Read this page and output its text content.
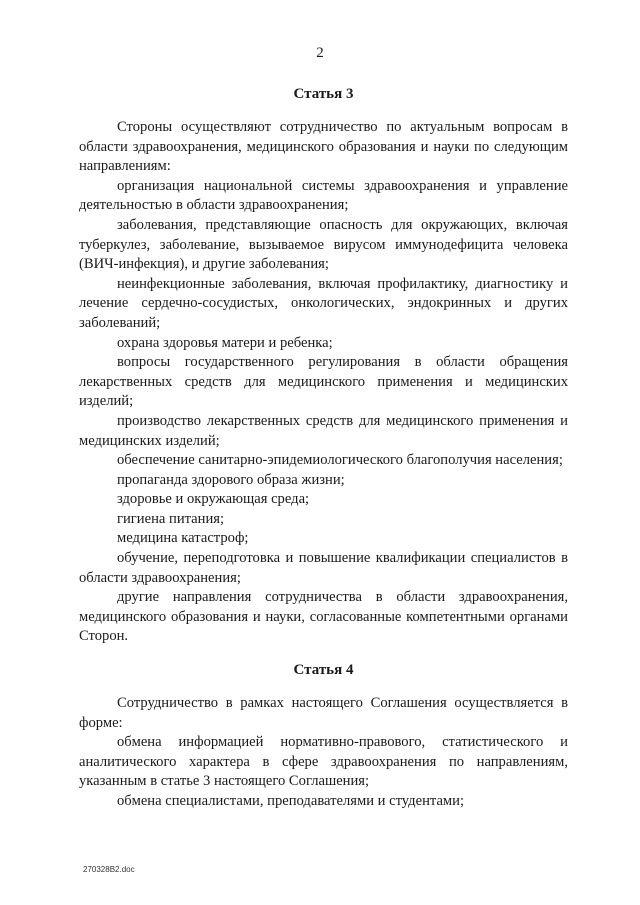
2
Статья 3

Стороны осуществляют сотрудничество по актуальным вопросам в области здравоохранения, медицинского образования и науки по следующим направлениям:

организация национальной системы здравоохранения и управление деятельностью в области здравоохранения;

заболевания, представляющие опасность для окружающих, включая туберкулез, заболевание, вызываемое вирусом иммунодефицита человека (ВИЧ-инфекция), и другие заболевания;

неинфекционные заболевания, включая профилактику, диагностику и лечение сердечно-сосудистых, онкологических, эндокринных и других заболеваний;

охрана здоровья матери и ребенка;

вопросы государственного регулирования в области обращения лекарственных средств для медицинского применения и медицинских изделий;

производство лекарственных средств для медицинского применения и медицинских изделий;

обеспечение санитарно-эпидемиологического благополучия населения;

пропаганда здорового образа жизни;

здоровье и окружающая среда;

гигиена питания;

медицина катастроф;

обучение, переподготовка и повышение квалификации специалистов в области здравоохранения;

другие направления сотрудничества в области здравоохранения, медицинского образования и науки, согласованные компетентными органами Сторон.

Статья 4

Сотрудничество в рамках настоящего Соглашения осуществляется в форме:

обмена информацией нормативно-правового, статистического и аналитического характера в сфере здравоохранения по направлениям, указанным в статье 3 настоящего Соглашения;

обмена специалистами, преподавателями и студентами;

270328В2.doc
